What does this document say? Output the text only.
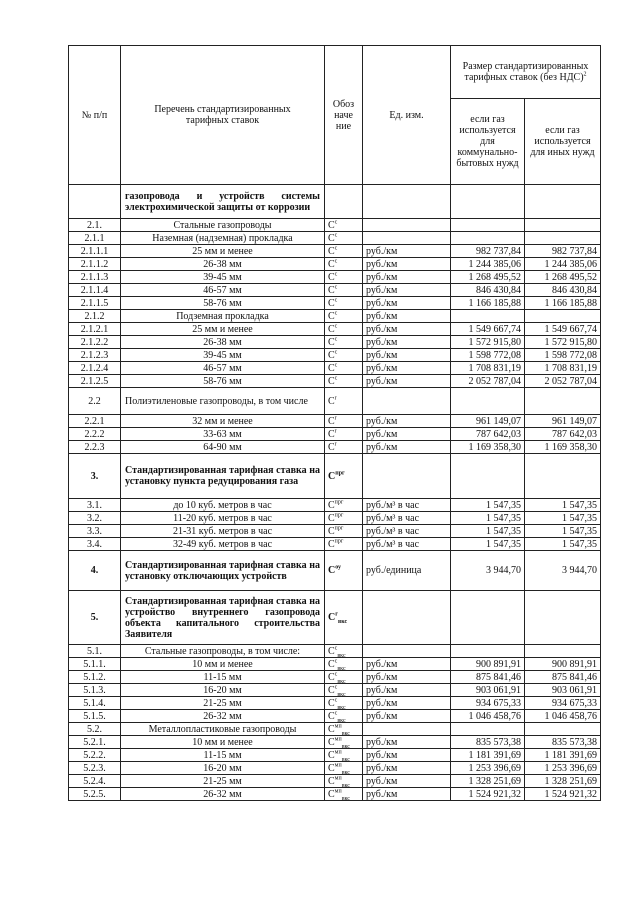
№ п/п	Перечень стандартизированных тарифных ставок	Обоз наче ние	Ед. изм.	Размер стандартизированных тарифных ставок (без НДС)$^2$
				если газ используется для коммунально-бытовых нужд	если газ используется для иных нужд
	газопровода и устройств системы электрохимической защиты от коррозии				
2.1.	Стальные газопроводы	$C^c$			
2.1.1	Наземная (надземная) прокладка	$C^c$			
2.1.1.1	25 мм и менее	$C^c$	руб./км	982 737,84	982 737,84
2.1.1.2	26-38 мм	$C^c$	руб./км	1 244 385,06	1 244 385,06
2.1.1.3	39-45 мм	$C^c$	руб./км	1 268 495,52	1 268 495,52
2.1.1.4	46-57 мм	$C^c$	руб./км	846 430,84	846 430,84
2.1.1.5	58-76 мм	$C^c$	руб./км	1 166 185,88	1 166 185,88
2.1.2	Подземная прокладка	$C^c$	руб./км		
2.1.2.1	25 мм и менее	$C^c$	руб./км	1 549 667,74	1 549 667,74
2.1.2.2	26-38 мм	$C^c$	руб./км	1 572 915,80	1 572 915,80
2.1.2.3	39-45 мм	$C^c$	руб./км	1 598 772,08	1 598 772,08
2.1.2.4	46-57 мм	$C^c$	руб./км	1 708 831,19	1 708 831,19
2.1.2.5	58-76 мм	$C^c$	руб./км	2 052 787,04	2 052 787,04
2.2	Полиэтиленовые газопроводы, в том числе	$C^r$			
2.2.1	32 мм и менее	$C^r$	руб./км	961 149,07	961 149,07
2.2.2	33-63 мм	$C^r$	руб./км	787 642,03	787 642,03
2.2.3	64-90 мм	$C^r$	руб./км	1 169 358,30	1 169 358,30
3.	Стандартизированная тарифная ставка на установку пункта редуцирования газа	$C^{прг}$			
3.1.	до 10 куб. метров в час	$C^{прг}$	руб./м³ в час	1 547,35	1 547,35
3.2.	11-20 куб. метров в час	$C^{прг}$	руб./м³ в час	1 547,35	1 547,35
3.3.	21-31 куб. метров в час	$C^{прг}$	руб./м³ в час	1 547,35	1 547,35
3.4.	32-49 куб. метров в час	$C^{прг}$	руб./м³ в час	1 547,35	1 547,35
4.	Стандартизированная тарифная ставка на установку отключающих устройств	$C^{оу}$	руб./единица	3 944,70	3 944,70
5.	Стандартизированная тарифная ставка на устройство внутреннего газопровода объекта капитального строительства Заявителя	$C^г_{вкс}$			
5.1.	Стальные газопроводы, в том числе:	$C^с_{вкс}$			
5.1.1.	10 мм и менее	$C^с_{вкс}$	руб./км	900 891,91	900 891,91
5.1.2.	11-15 мм	$C^с_{вкс}$	руб./км	875 841,46	875 841,46
5.1.3.	16-20 мм	$C^с_{вкс}$	руб./км	903 061,91	903 061,91
5.1.4.	21-25 мм	$C^с_{вкс}$	руб./км	934 675,33	934 675,33
5.1.5.	26-32 мм	$C^с_{вкс}$	руб./км	1 046 458,76	1 046 458,76
5.2.	Металлопластиковые газопроводы	$C^{мп}_{вкс}$			
5.2.1.	10 мм и менее	$C^{мп}_{вкс}$	руб./км	835 573,38	835 573,38
5.2.2.	11-15 мм	$C^{мп}_{вкс}$	руб./км	1 181 391,69	1 181 391,69
5.2.3.	16-20 мм	$C^{мп}_{вкс}$	руб./км	1 253 396,69	1 253 396,69
5.2.4.	21-25 мм	$C^{мп}_{вкс}$	руб./км	1 328 251,69	1 328 251,69
5.2.5.	26-32 мм	$C^{мп}_{вкс}$	руб./км	1 524 921,32	1 524 921,32
